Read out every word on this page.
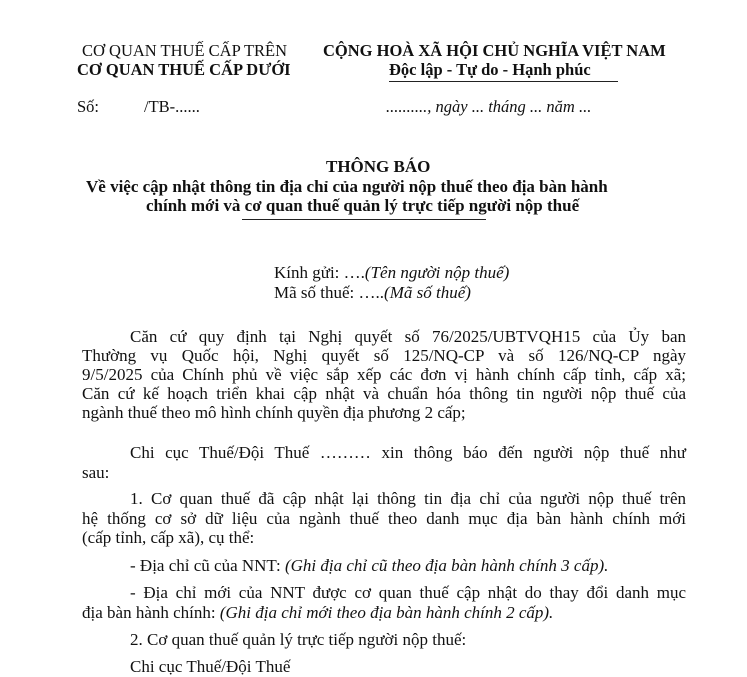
CƠ QUAN THUẾ CẤP TRÊN
CƠ QUAN THUẾ CẤP DƯỚI
CỘNG HOÀ XÃ HỘI CHỦ NGHĨA VIỆT NAM
Độc lập - Tự do - Hạnh phúc
Số:	/TB-......	.........., ngày ... tháng ... năm ...
THÔNG BÁO
Về việc cập nhật thông tin địa chỉ của người nộp thuế theo địa bàn hành
chính mới và cơ quan thuế quản lý trực tiếp người nộp thuế
Kính gửi: ….(Tên người nộp thuế)
Mã số thuế: …..(Mã số thuế)
Căn cứ quy định tại Nghị quyết số 76/2025/UBTVQH15 của Ủy ban
Thường vụ Quốc hội, Nghị quyết số 125/NQ-CP và số 126/NQ-CP ngày
9/5/2025 của Chính phủ về việc sắp xếp các đơn vị hành chính cấp tỉnh, cấp xã;
Căn cứ kế hoạch triển khai cập nhật và chuẩn hóa thông tin người nộp thuế của
ngành thuế theo mô hình chính quyền địa phương 2 cấp;
Chi cục Thuế/Đội Thuế ……… xin thông báo đến người nộp thuế như
sau:
1. Cơ quan thuế đã cập nhật lại thông tin địa chỉ của người nộp thuế trên
hệ thống cơ sở dữ liệu của ngành thuế theo danh mục địa bàn hành chính mới
(cấp tỉnh, cấp xã), cụ thể:
- Địa chỉ cũ của NNT: (Ghi địa chỉ cũ theo địa bàn hành chính 3 cấp).
- Địa chỉ mới của NNT được cơ quan thuế cập nhật do thay đổi danh mục
địa bàn hành chính: (Ghi địa chỉ mới theo địa bàn hành chính 2 cấp).
2. Cơ quan thuế quản lý trực tiếp người nộp thuế:
Chi cục Thuế/Đội Thuế
